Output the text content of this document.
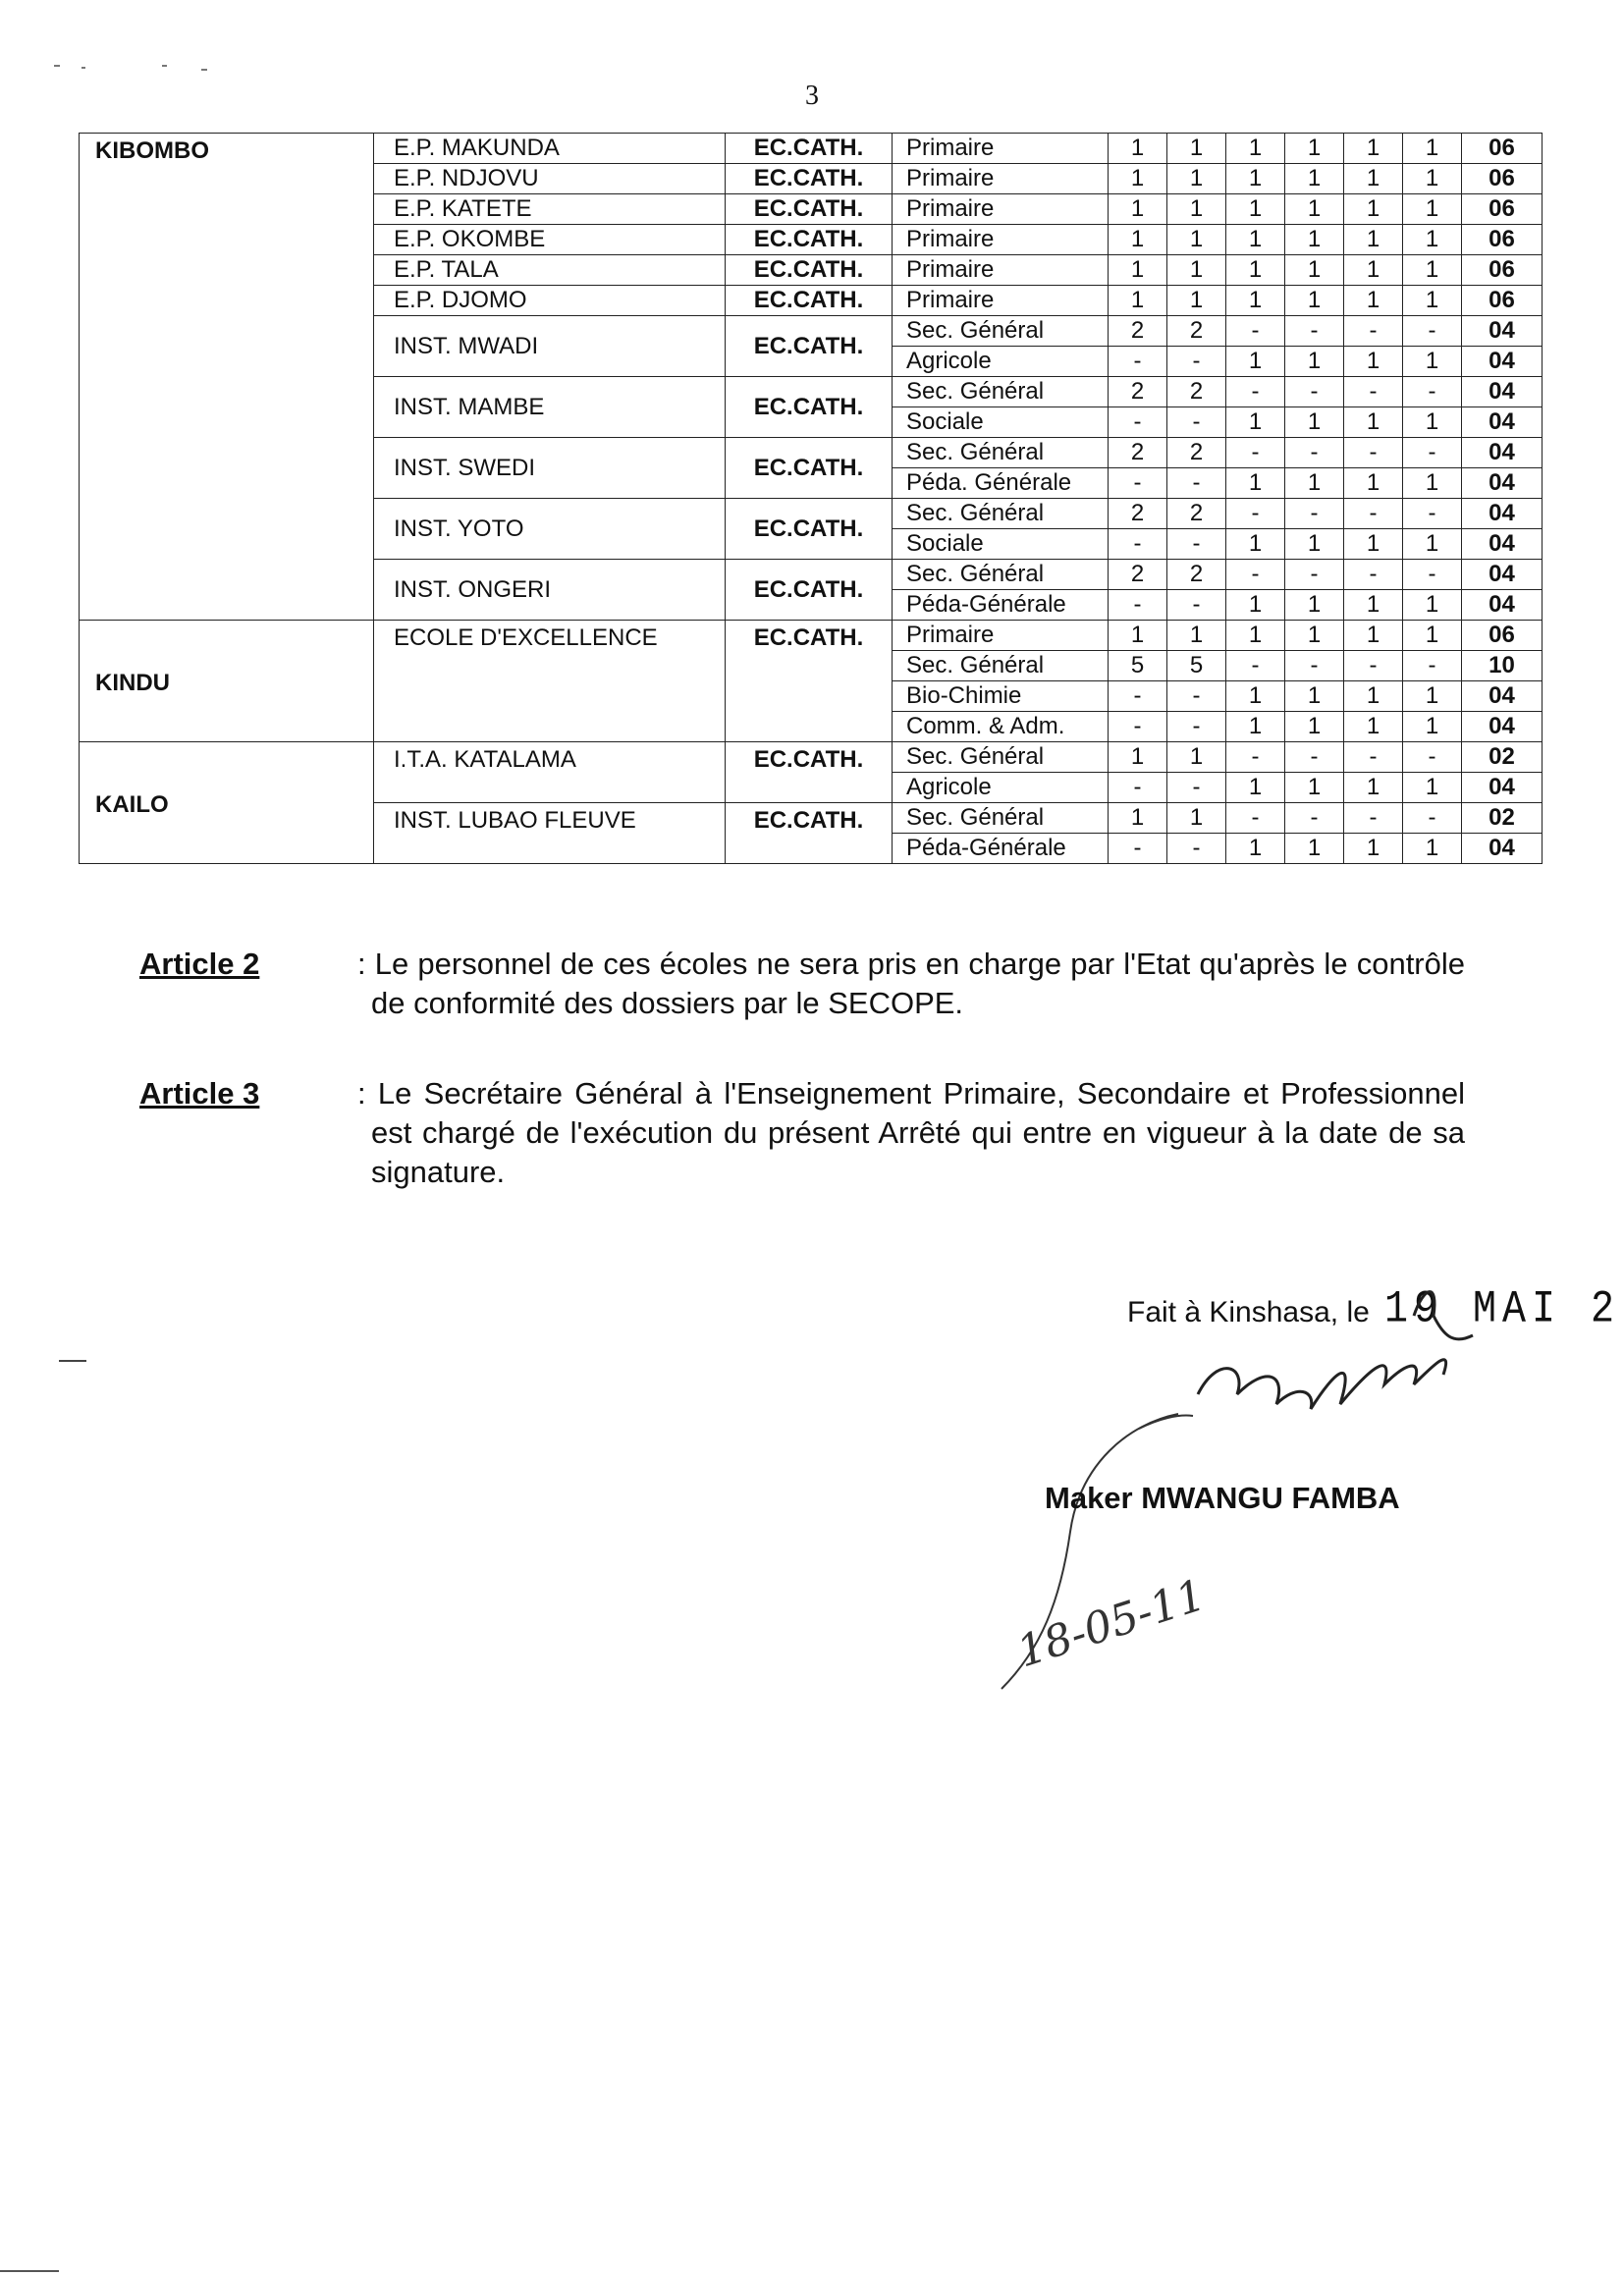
3
KIBOMBO	E.P. MAKUNDA	EC.CATH.	Primaire	1	1	1	1	1	1	06
	E.P. NDJOVU	EC.CATH.	Primaire	1	1	1	1	1	1	06
	E.P. KATETE	EC.CATH.	Primaire	1	1	1	1	1	1	06
	E.P. OKOMBE	EC.CATH.	Primaire	1	1	1	1	1	1	06
	E.P. TALA	EC.CATH.	Primaire	1	1	1	1	1	1	06
	E.P. DJOMO	EC.CATH.	Primaire	1	1	1	1	1	1	06
	INST. MWADI	EC.CATH.	Sec. Général	2	2	-	-	-	-	04
			Agricole	-	-	1	1	1	1	04
	INST. MAMBE	EC.CATH.	Sec. Général	2	2	-	-	-	-	04
			Sociale	-	-	1	1	1	1	04
	INST. SWEDI	EC.CATH.	Sec. Général	2	2	-	-	-	-	04
			Péda. Générale	-	-	1	1	1	1	04
	INST. YOTO	EC.CATH.	Sec. Général	2	2	-	-	-	-	04
			Sociale	-	-	1	1	1	1	04
	INST. ONGERI	EC.CATH.	Sec. Général	2	2	-	-	-	-	04
			Péda-Générale	-	-	1	1	1	1	04
KINDU	ECOLE D'EXCELLENCE	EC.CATH.	Primaire	1	1	1	1	1	1	06
			Sec. Général	5	5	-	-	-	-	10
			Bio-Chimie	-	-	1	1	1	1	04
			Comm. & Adm.	-	-	1	1	1	1	04
KAILO	I.T.A. KATALAMA	EC.CATH.	Sec. Général	1	1	-	-	-	-	02
			Agricole	-	-	1	1	1	1	04
	INST. LUBAO FLEUVE	EC.CATH.	Sec. Général	1	1	-	-	-	-	02
			Péda-Générale	-	-	1	1	1	1	04
Article 2	: Le personnel de ces écoles ne sera pris en charge par l'Etat qu'après le contrôle de conformité des dossiers par le SECOPE.
Article 3	: Le Secrétaire Général à l'Enseignement Primaire, Secondaire et Professionnel est chargé de l'exécution du présent Arrêté qui entre en vigueur à la date de sa signature.
Fait à Kinshasa, le 19 MAI 2
Maker MWANGU FAMBA
18-05-11
